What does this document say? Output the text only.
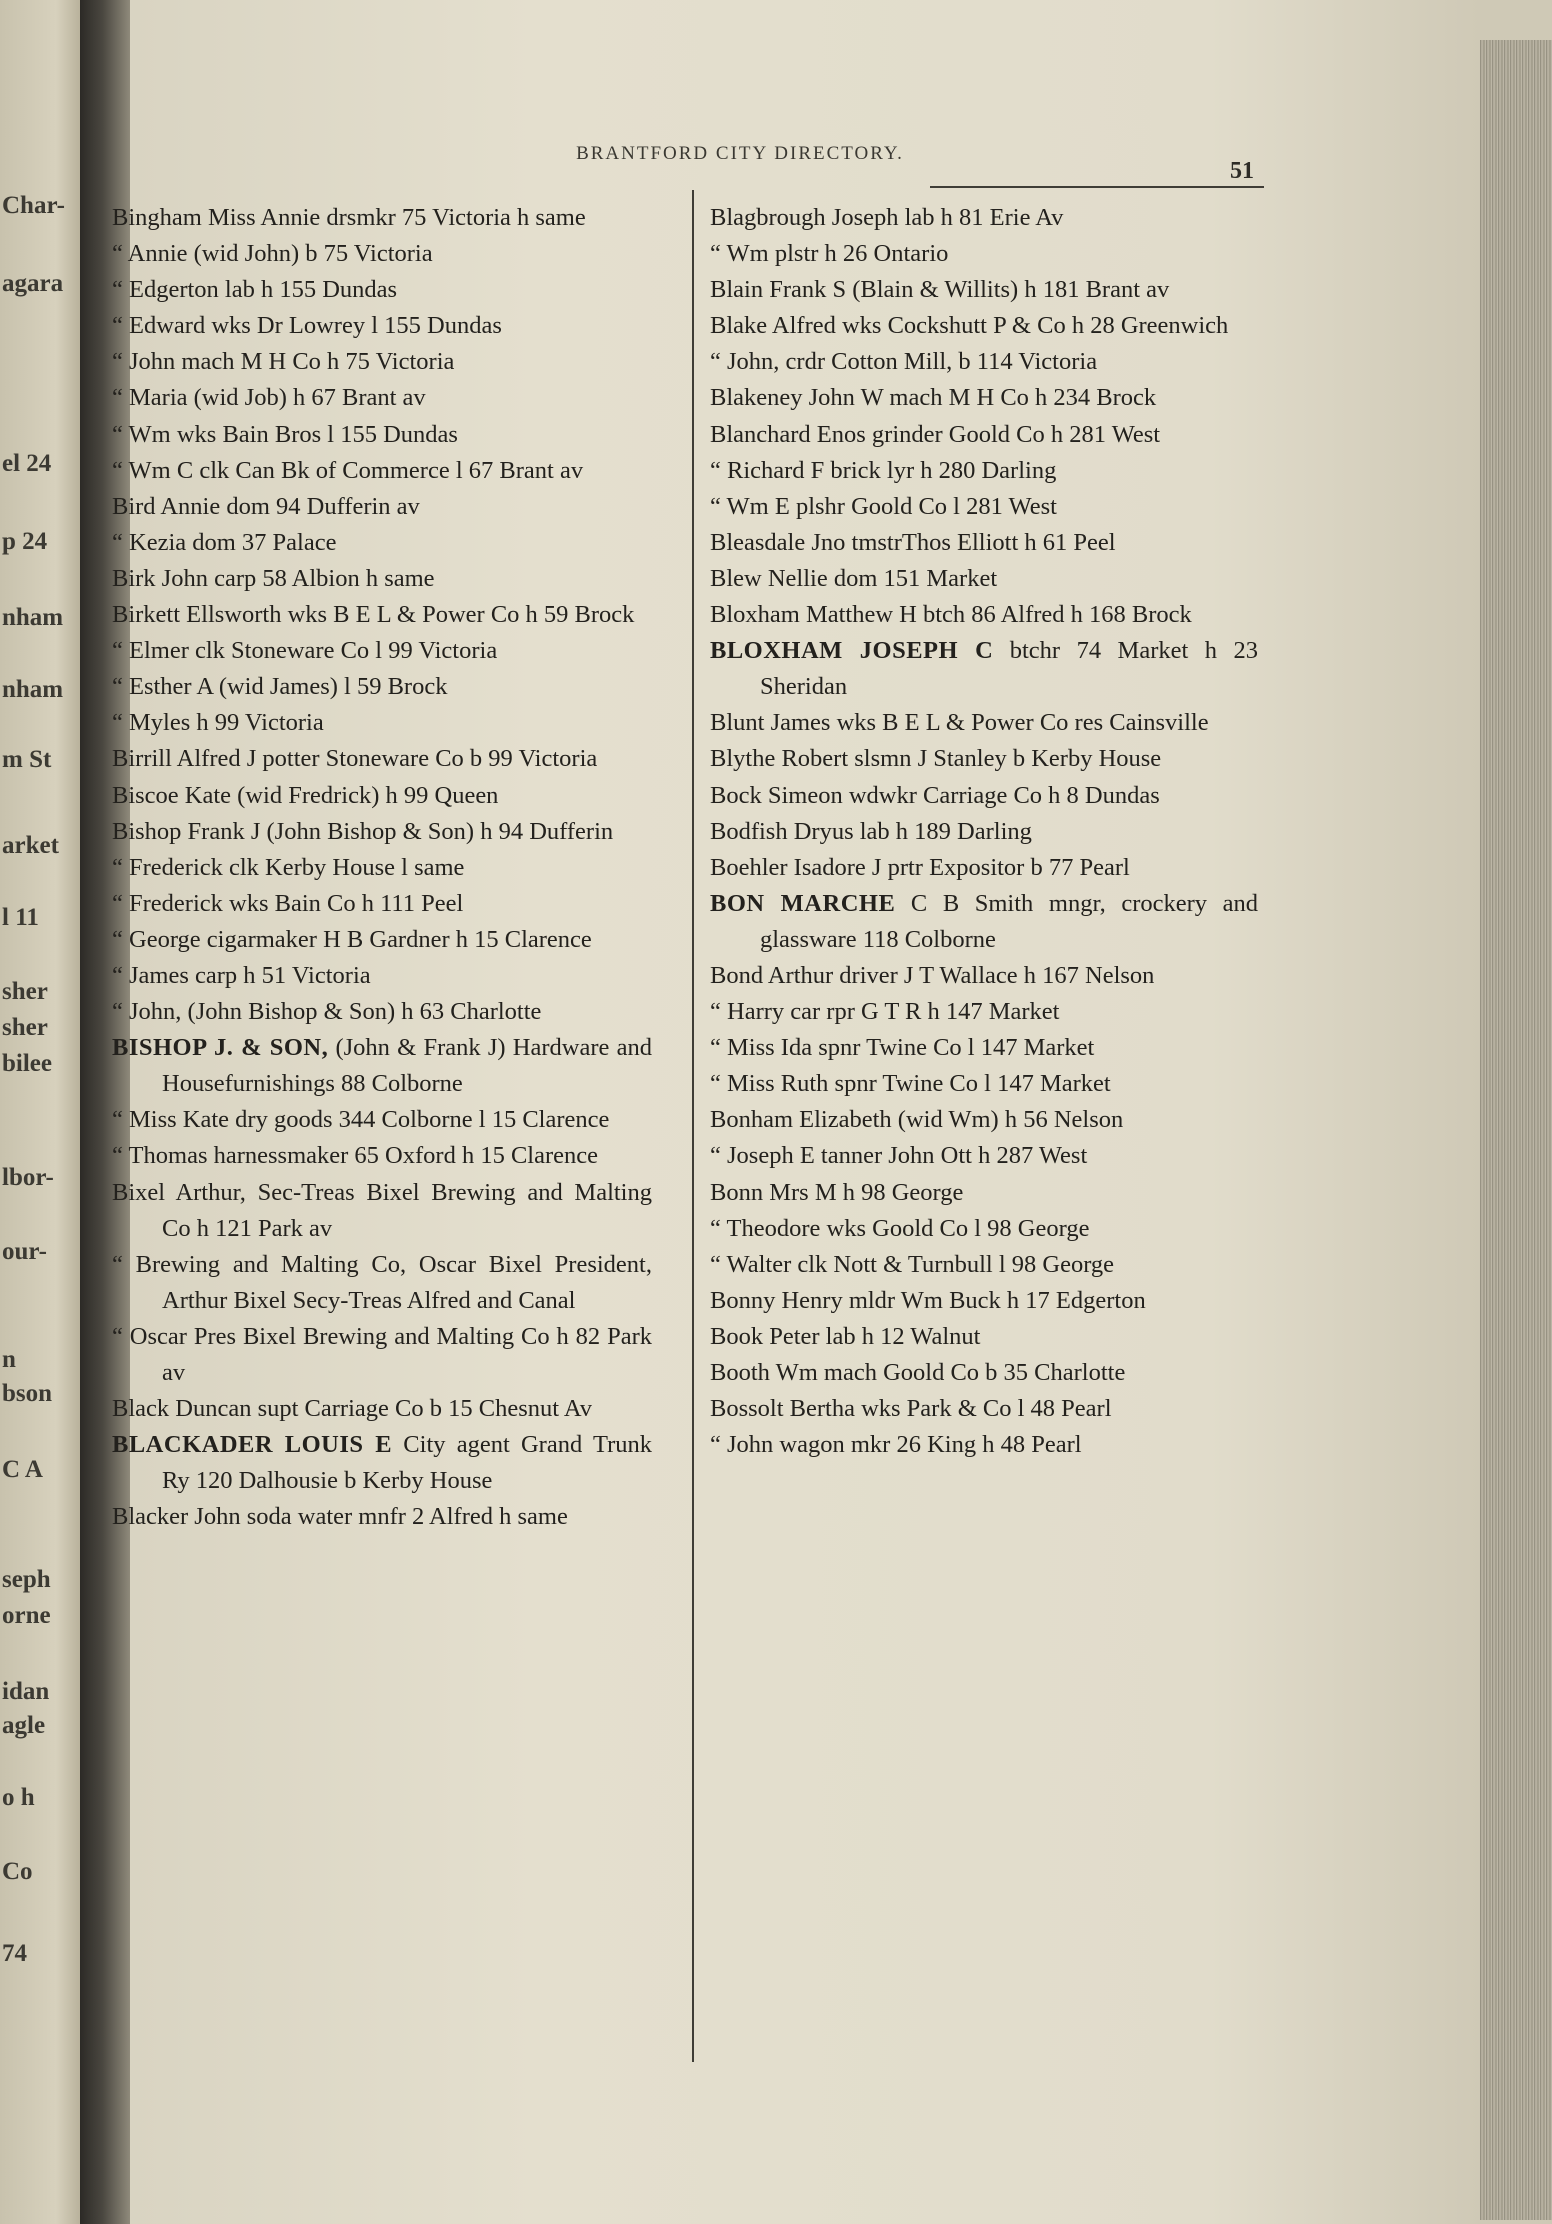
Char-
agara
el 24
p 24
nham
nham
m St
arket
l 11
sher
sher
bilee
lbor-
our-
n
bson
C A
seph
orne
idan
agle
o h
Co
74
BRANTFORD CITY DIRECTORY.
51
Bingham Miss Annie drsmkr 75 Victoria h same
“ Annie (wid John) b 75 Victoria
“ Edgerton lab h 155 Dundas
“ Edward wks Dr Lowrey l 155 Dundas
“ John mach M H Co h 75 Victoria
“ Maria (wid Job) h 67 Brant av
“ Wm wks Bain Bros l 155 Dundas
“ Wm C clk Can Bk of Commerce l 67 Brant av
Bird Annie dom 94 Dufferin av
“ Kezia dom 37 Palace
Birk John carp 58 Albion h same
Birkett Ellsworth wks B E L & Power Co h 59 Brock
“ Elmer clk Stoneware Co l 99 Victoria
“ Esther A (wid James) l 59 Brock
“ Myles h 99 Victoria
Birrill Alfred J potter Stoneware Co b 99 Victoria
Biscoe Kate (wid Fredrick) h 99 Queen
Bishop Frank J (John Bishop & Son) h 94 Dufferin
“ Frederick clk Kerby House l same
“ Frederick wks Bain Co h 111 Peel
“ George cigarmaker H B Gardner h 15 Clarence
“ James carp h 51 Victoria
“ John, (John Bishop & Son) h 63 Charlotte
BISHOP J. & SON, (John & Frank J) Hardware and Housefurnishings 88 Colborne
“ Miss Kate dry goods 344 Colborne l 15 Clarence
“ Thomas harnessmaker 65 Oxford h 15 Clarence
Bixel Arthur, Sec-Treas Bixel Brewing and Malting Co h 121 Park av
“ Brewing and Malting Co, Oscar Bixel President, Arthur Bixel Secy-Treas Alfred and Canal
“ Oscar Pres Bixel Brewing and Malting Co h 82 Park av
Black Duncan supt Carriage Co b 15 Chesnut Av
BLACKADER LOUIS E City agent Grand Trunk Ry 120 Dalhousie b Kerby House
Blacker John soda water mnfr 2 Alfred h same
Blagbrough Joseph lab h 81 Erie Av
“ Wm plstr h 26 Ontario
Blain Frank S (Blain & Willits) h 181 Brant av
Blake Alfred wks Cockshutt P & Co h 28 Greenwich
“ John, crdr Cotton Mill, b 114 Victoria
Blakeney John W mach M H Co h 234 Brock
Blanchard Enos grinder Goold Co h 281 West
“ Richard F brick lyr h 280 Darling
“ Wm E plshr Goold Co l 281 West
Bleasdale Jno tmstrThos Elliott h 61 Peel
Blew Nellie dom 151 Market
Bloxham Matthew H btch 86 Alfred h 168 Brock
BLOXHAM JOSEPH C btchr 74 Market h 23 Sheridan
Blunt James wks B E L & Power Co res Cainsville
Blythe Robert slsmn J Stanley b Kerby House
Bock Simeon wdwkr Carriage Co h 8 Dundas
Bodfish Dryus lab h 189 Darling
Boehler Isadore J prtr Expositor b 77 Pearl
BON MARCHE C B Smith mngr, crockery and glassware 118 Colborne
Bond Arthur driver J T Wallace h 167 Nelson
“ Harry car rpr G T R h 147 Market
“ Miss Ida spnr Twine Co l 147 Market
“ Miss Ruth spnr Twine Co l 147 Market
Bonham Elizabeth (wid Wm) h 56 Nelson
“ Joseph E tanner John Ott h 287 West
Bonn Mrs M h 98 George
“ Theodore wks Goold Co l 98 George
“ Walter clk Nott & Turnbull l 98 George
Bonny Henry mldr Wm Buck h 17 Edgerton
Book Peter lab h 12 Walnut
Booth Wm mach Goold Co b 35 Charlotte
Bossolt Bertha wks Park & Co l 48 Pearl
“ John wagon mkr 26 King h 48 Pearl
